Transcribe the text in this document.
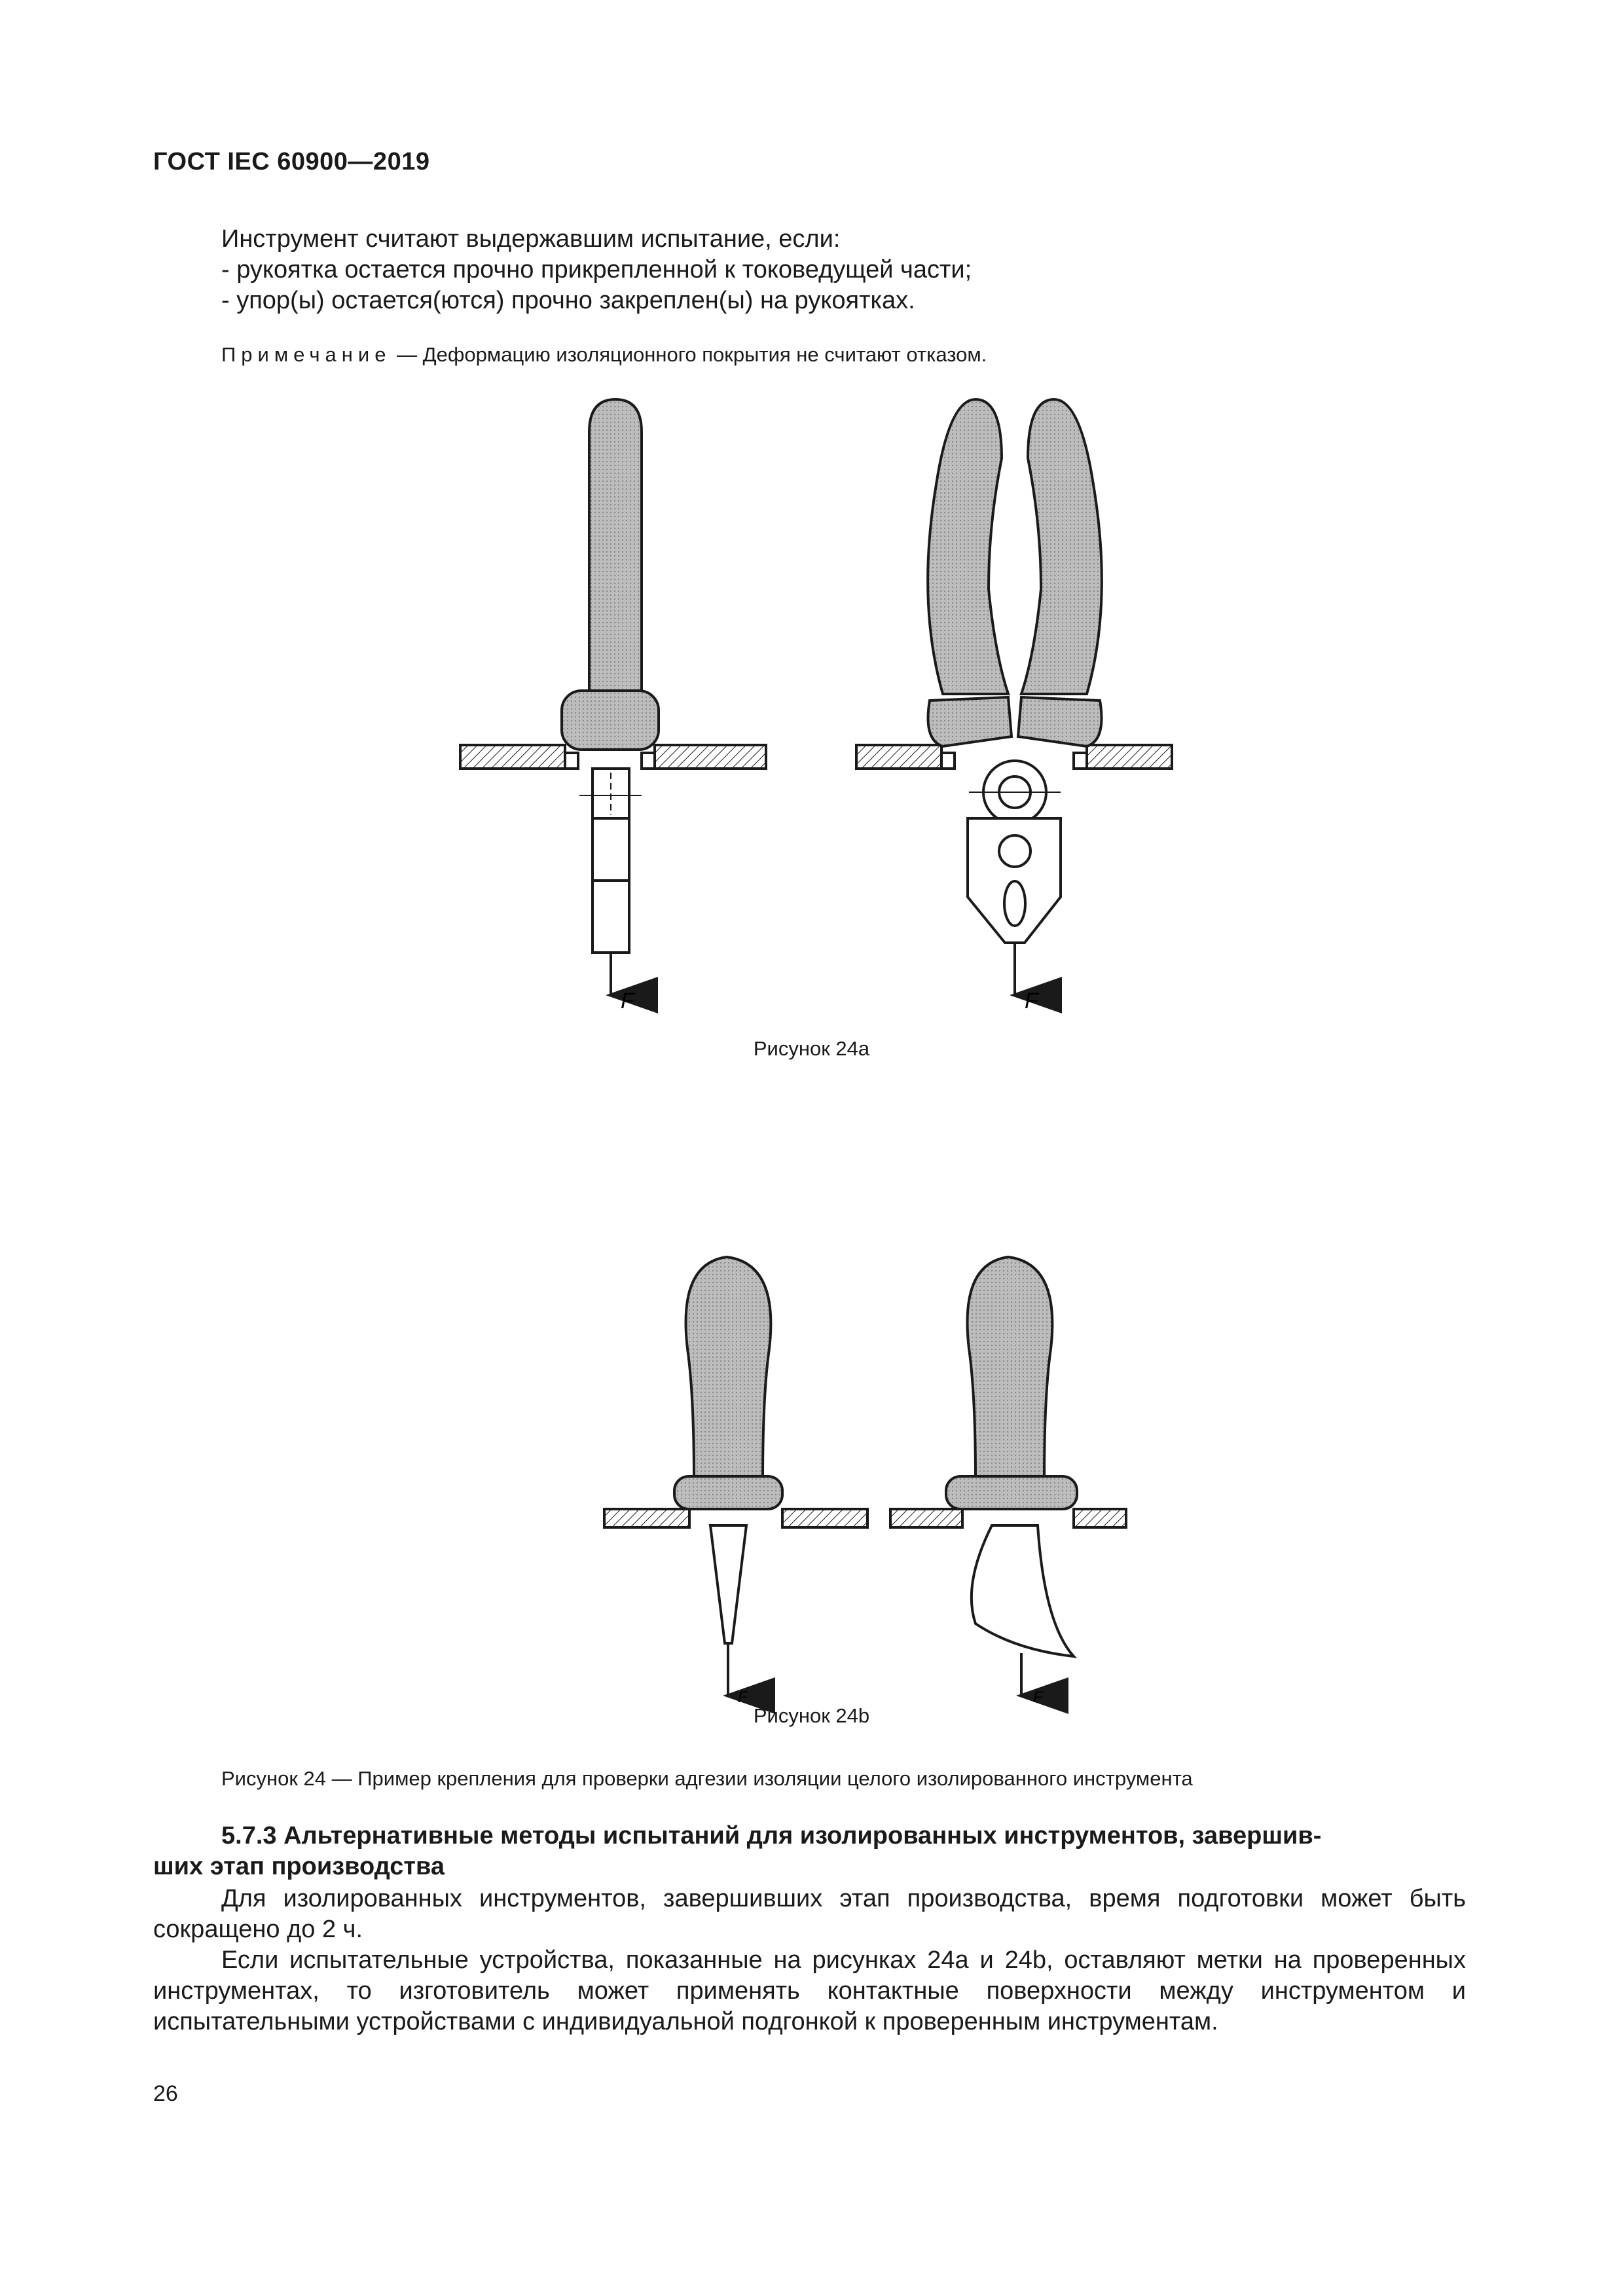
ГОСТ IEC 60900—2019
Инструмент считают выдержавшим испытание, если:
- рукоятка остается прочно прикрепленной к токоведущей части;
- упор(ы) остается(ются) прочно закреплен(ы) на рукоятках.
Примечание — Деформацию изоляционного покрытия не считают отказом.
F	F
F	F
Рисунок 24а
Рисунок 24b
Рисунок 24 — Пример крепления для проверки адгезии изоляции целого изолированного инструмента
5.7.3 Альтернативные методы испытаний для изолированных инструментов, завершив-
ших этап производства
Для изолированных инструментов, завершивших этап производства, время подготовки может быть сокращено до 2 ч.
Если испытательные устройства, показанные на рисунках 24а и 24b, оставляют метки на проверенных инструментах, то изготовитель может применять контактные поверхности между инструментом и испытательными устройствами с индивидуальной подгонкой к проверенным инструментам.
26
